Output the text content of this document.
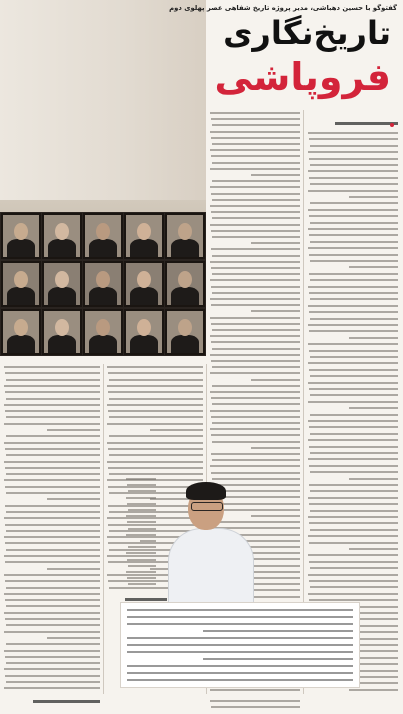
گفتوگو با حسین دهباشی، مدیر پروژه تاریخ شفاهی عصر پهلوی دوم
تاریخ‌نگاری
فروپاشی
